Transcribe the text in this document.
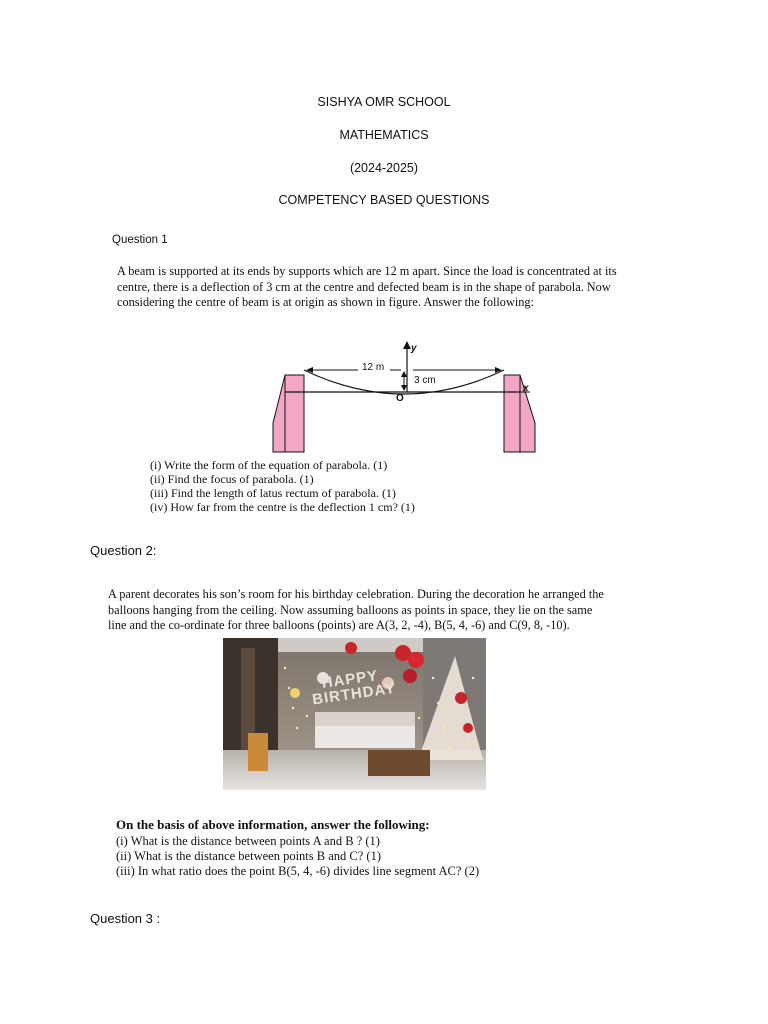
SISHYA OMR SCHOOL
MATHEMATICS
(2024-2025)
COMPETENCY BASED QUESTIONS
Question 1
A beam is supported at its ends by supports which are 12 m apart. Since the load is concentrated at its
centre, there is a deflection of 3 cm at the centre and defected beam is in the shape of parabola. Now
considering the centre of beam is at origin as shown in figure. Answer the following:
12 m
3 cm
y
x
O
(i) Write the form of the equation of parabola. (1)
(ii) Find the focus of parabola. (1)
(iii) Find the length of latus rectum of parabola. (1)
(iv) How far from the centre is the deflection 1 cm? (1)
Question 2:
A parent decorates his son’s room for his birthday celebration. During the decoration he arranged the
balloons hanging from the ceiling. Now assuming balloons as points in space, they lie on the same
line and the co-ordinate for three balloons (points) are A(3, 2, -4), B(5, 4, -6) and C(9, 8, -10).
HAPPY BIRTHDAY
On the basis of above information, answer the following:
(i) What is the distance between points A and B ? (1)
(ii) What is the distance between points B and C? (1)
(iii) In what ratio does the point B(5, 4, -6) divides line segment AC? (2)
Question 3 :
